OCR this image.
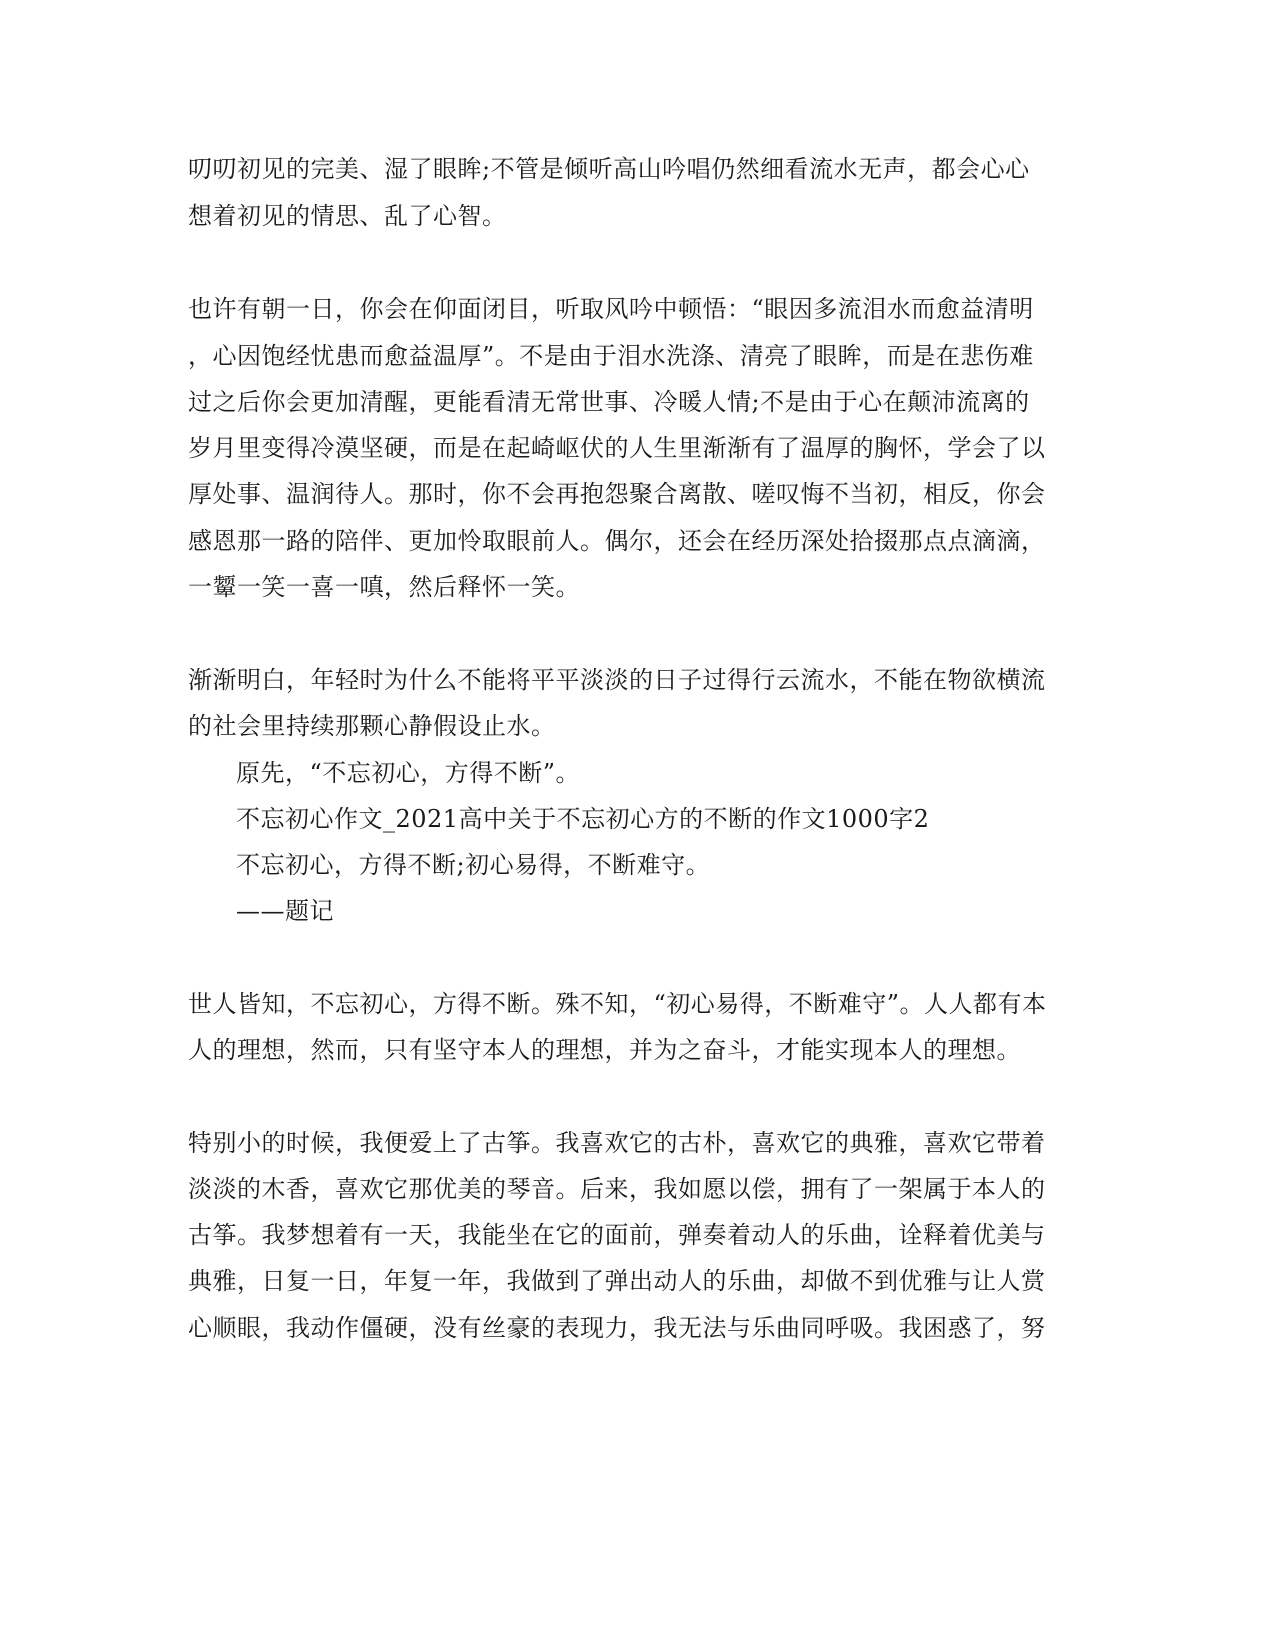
叨叨初见的完美、湿了眼眸;不管是倾听高山吟唱仍然细看流水无声，都会心心
想着初见的情思、乱了心智。
也许有朝一日，你会在仰面闭目，听取风吟中顿悟：“眼因多流泪水而愈益清明
，心因饱经忧患而愈益温厚”。不是由于泪水洗涤、清亮了眼眸，而是在悲伤难
过之后你会更加清醒，更能看清无常世事、冷暖人情;不是由于心在颠沛流离的
岁月里变得冷漠坚硬，而是在起崎岖伏的人生里渐渐有了温厚的胸怀，学会了以
厚处事、温润待人。那时，你不会再抱怨聚合离散、嗟叹悔不当初，相反，你会
感恩那一路的陪伴、更加怜取眼前人。偶尔，还会在经历深处拾掇那点点滴滴，
一颦一笑一喜一嗔，然后释怀一笑。
渐渐明白，年轻时为什么不能将平平淡淡的日子过得行云流水，不能在物欲横流
的社会里持续那颗心静假设止水。
原先，“不忘初心，方得不断”。
不忘初心作文_2021高中关于不忘初心方的不断的作文1000字2
不忘初心，方得不断;初心易得，不断难守。
——题记
世人皆知，不忘初心，方得不断。殊不知，“初心易得，不断难守”。人人都有本
人的理想，然而，只有坚守本人的理想，并为之奋斗，才能实现本人的理想。
特别小的时候，我便爱上了古筝。我喜欢它的古朴，喜欢它的典雅，喜欢它带着
淡淡的木香，喜欢它那优美的琴音。后来，我如愿以偿，拥有了一架属于本人的
古筝。我梦想着有一天，我能坐在它的面前，弹奏着动人的乐曲，诠释着优美与
典雅，日复一日，年复一年，我做到了弹出动人的乐曲，却做不到优雅与让人赏
心顺眼，我动作僵硬，没有丝豪的表现力，我无法与乐曲同呼吸。我困惑了，努
